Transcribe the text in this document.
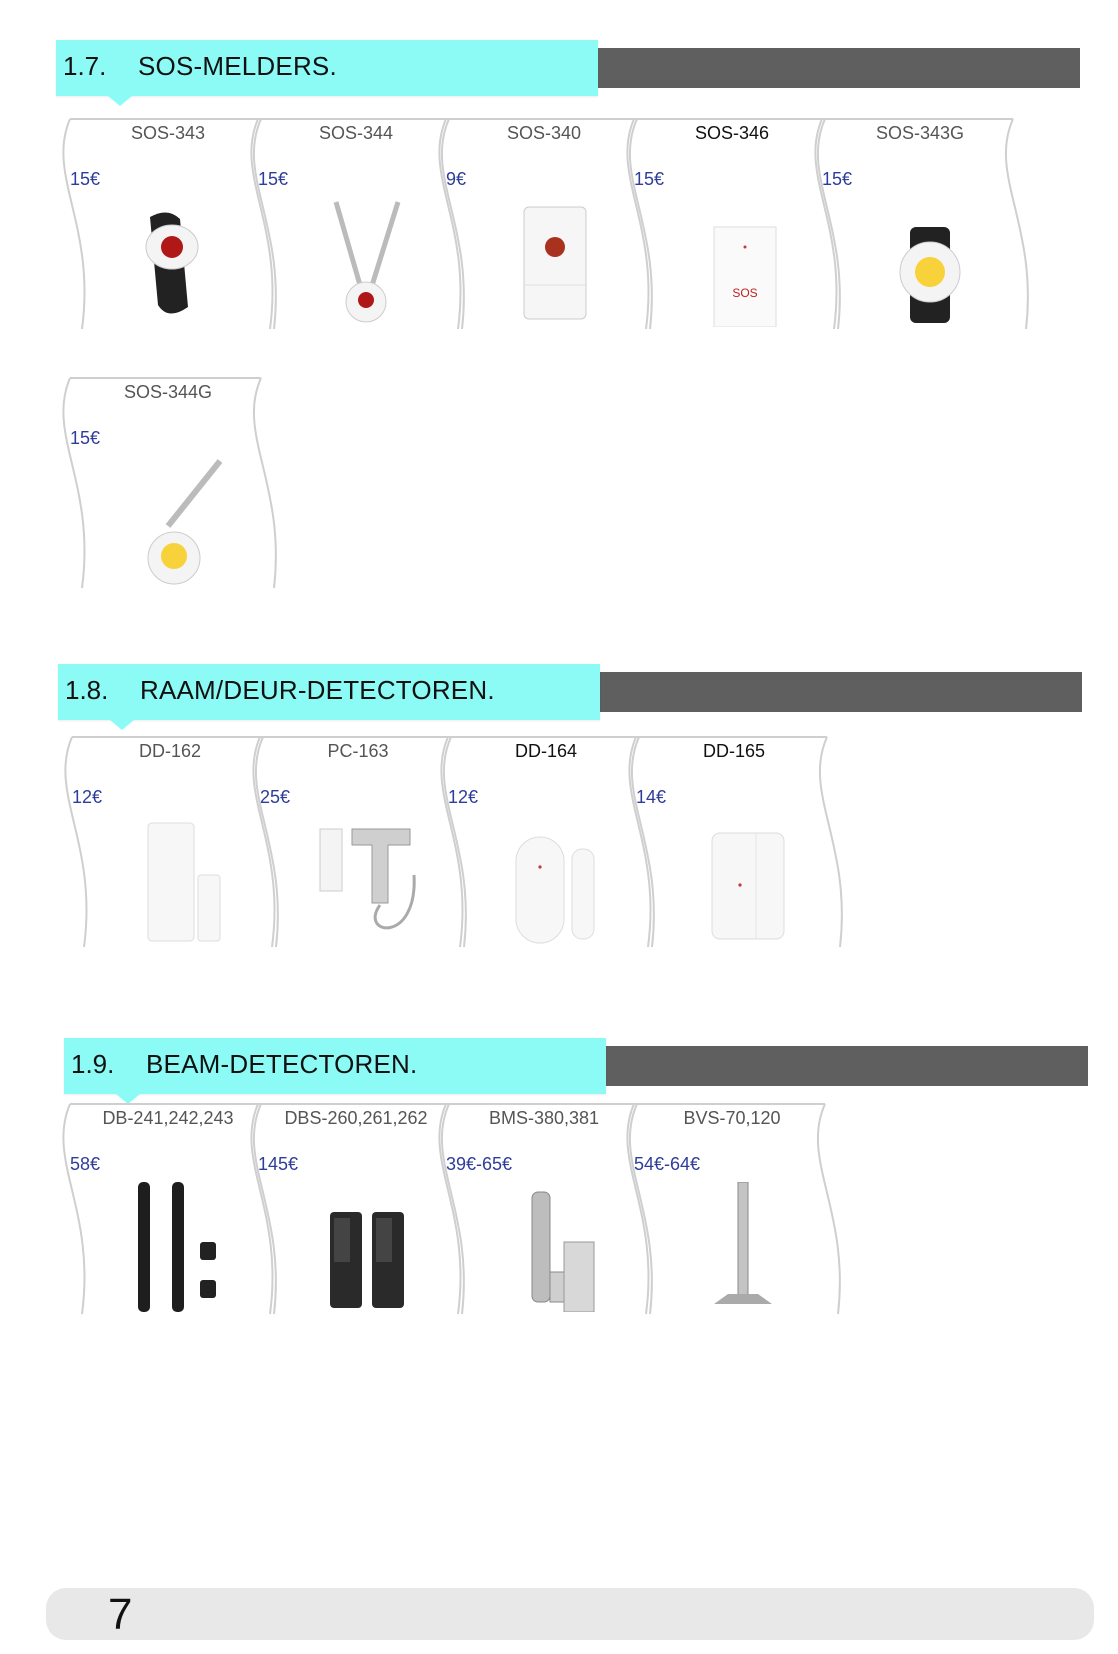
1.7. SOS-MELDERS.
SOS-343
15€
SOS-344
15€
SOS-340
9€
SOS-346
15€
SOS
SOS-343G
15€
SOS-344G
15€
1.8. RAAM/DEUR-DETECTOREN.
DD-162
12€
PC-163
25€
DD-164
12€
DD-165
14€
1.9. BEAM-DETECTOREN.
DB-241,242,243
58€
DBS-260,261,262
145€
BMS-380,381
39€-65€
BVS-70,120
54€-64€
7
